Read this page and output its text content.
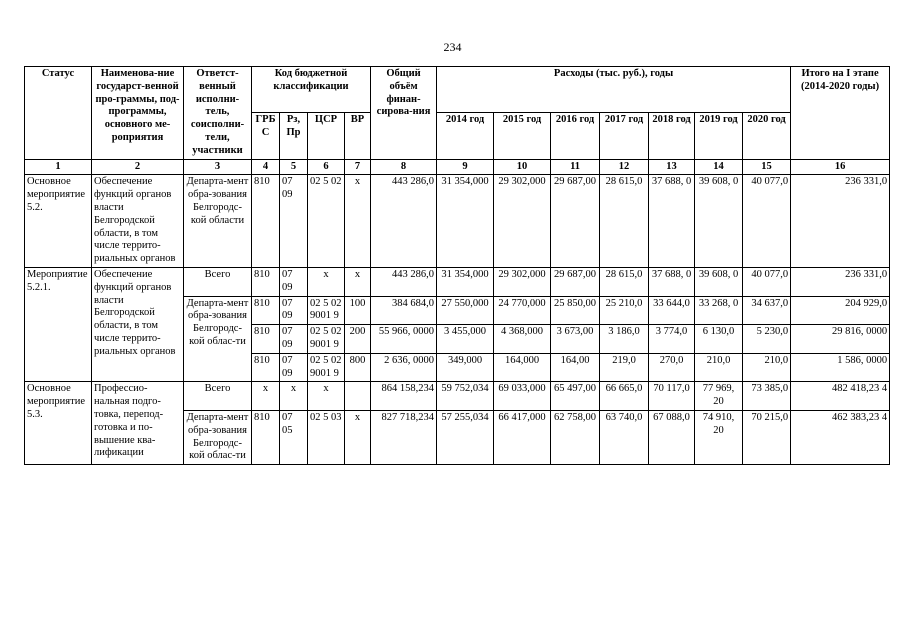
234
Статус	Наименова-ние государст-венной про-граммы, под-программы, основного ме-роприятия	Ответст-венный исполни-тель, соисполни-тели, участники	Код бюджетной классификации				Общий объём финан-сирова-ния	Расходы (тыс. руб.), годы							Итого на I этапе (2014-2020 годы)
			ГРБ С	Рз, Пр	ЦСР	ВР		2014 год	2015 год	2016 год	2017 год	2018 год	2019 год	2020 год	
1	2	3	4	5	6	7	8	9	10	11	12	13	14	15	16
Основное мероприятие 5.2.	Обеспечение функций органов власти Белгородской области, в том числе террито-риальных органов	Департа-мент обра-зования Белгородс-кой области	810	07 09	02 5 02	x	443 286,0	31 354,000	29 302,000	29 687,00	28 615,0	37 688, 0	39 608, 0	40 077,0	236 331,0
Мероприятие 5.2.1.	Обеспечение функций органов власти Белгородской области, в том числе террито-риальных органов	Всего	810	07 09	x	x	443 286,0	31 354,000	29 302,000	29 687,00	28 615,0	37 688, 0	39 608, 0	40 077,0	236 331,0
		Департа-мент обра-зования Белгородс-кой облас-ти	810	07 09	02 5 02 9001 9	100	384 684,0	27 550,000	24 770,000	25 850,00	25 210,0	33 644,0	33 268, 0	34 637,0	204 929,0
			810	07 09	02 5 02 9001 9	200	55 966, 0000	3 455,000	4 368,000	3 673,00	3 186,0	3 774,0	6 130,0	5 230,0	29 816, 0000
			810	07 09	02 5 02 9001 9	800	2 636, 0000	349,000	164,000	164,00	219,0	270,0	210,0	210,0	1 586, 0000
Основное мероприятие 5.3.	Профессио-нальная подго-товка, перепод-готовка и по-вышение ква-лификации	Всего	x	x	x		864 158,234	59 752,034	69 033,000	65 497,00	66 665,0	70 117,0	77 969, 20	73 385,0	482 418,23 4
		Департа-мент обра-зования Белгородс-кой облас-ти	810	07 05	02 5 03	x	827 718,234	57 255,034	66 417,000	62 758,00	63 740,0	67 088,0	74 910, 20	70 215,0	462 383,23 4
